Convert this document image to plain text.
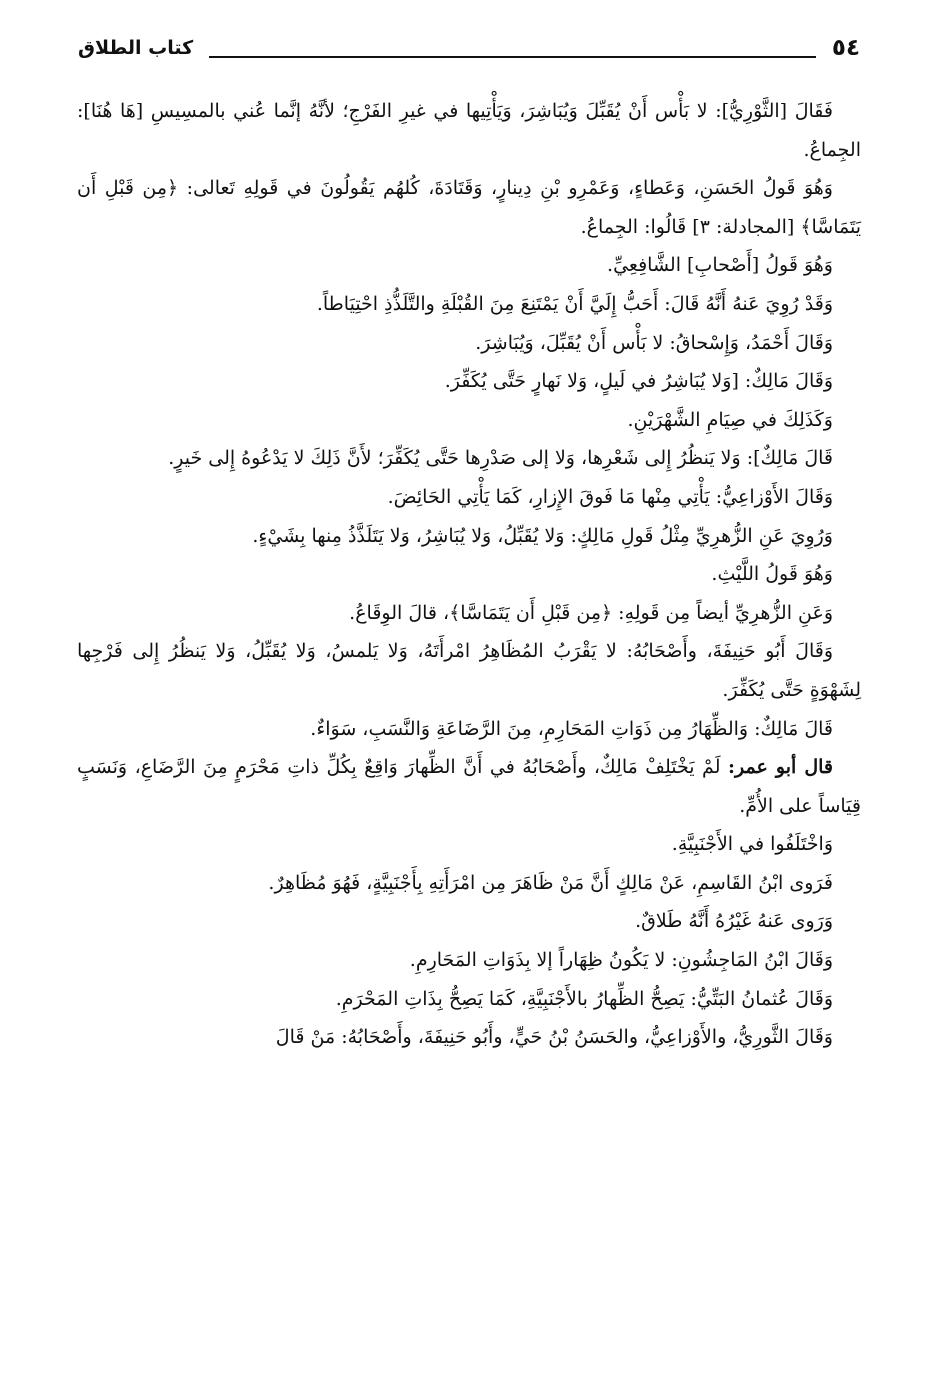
٥٤
كتاب الطلاق

فَقَالَ [الثَّوْرِيُّ]: لا بَأْس أَنْ يُقَبِّلَ وَيُبَاشِرَ، وَيَأْتِيها في غيرِ الفَرْجِ؛ لأنَّهُ إنَّما عُني بالمسِيسِ [هَا هُنَا]: الجِماعُ.

وَهُوَ قَولُ الحَسَنِ، وَعَطاءٍ، وَعَمْرِو بْنِ دِينارٍ، وَقَتَادَةَ، كُلهُم يَقُولُونَ في قَولِهِ تَعالى: ﴿مِن قَبْلِ أَن يَتَمَاسَّا﴾ [المجادلة: ٣] قَالُوا: الجِماعُ.

وَهُوَ قَولُ [أَصْحابِ] الشَّافِعِيِّ.

وَقَدْ رُوِيَ عَنهُ أَنَّهُ قَالَ: أَحَبُّ إِلَيَّ أَنْ يَمْتَنِعَ مِنَ القُبْلَةِ والتَّلَذُّذِ احْتِيَاطاً.

وَقَالَ أَحْمَدُ، وَإِسْحاقُ: لا بَأْس أَنْ يُقَبِّلَ، وَيُبَاشِرَ.

وَقَالَ مَالِكٌ: [وَلا يُبَاشِرُ في لَيلٍ، وَلا نَهارٍ حَتَّى يُكَفِّرَ.

وَكَذَلِكَ في صِيَامِ الشَّهْرَيْنِ.

قَالَ مَالِكٌ]: وَلا يَنظُرُ إِلى شَعْرِها، وَلا إلى صَدْرِها حَتَّى يُكَفِّرَ؛ لأَنَّ ذَلِكَ لا يَدْعُوهُ إِلى خَيرٍ.

وَقَالَ الأَوْزاعِيُّ: يَأْتِي مِنْها مَا فَوقَ الإِزارِ، كَمَا يَأْتِي الحَائِضَ.

وَرُوِيَ عَنِ الزُّهرِيِّ مِثْلُ قَولِ مَالِكٍ: وَلا يُقَبِّلُ، وَلا يُبَاشِرُ، وَلا يَتَلَذَّذُ مِنها بِشَيْءٍ.

وَهُوَ قَولُ اللَّيْثِ.

وَعَنِ الزُّهرِيِّ أيضاً مِن قَولِهِ: ﴿مِن قَبْلِ أَن يَتَمَاسَّا﴾، قالَ الوِقَاعُ.

وَقَالَ أَبُو حَنِيفَةَ، وأَصْحَابُهُ: لا يَقْرَبُ المُظَاهِرُ امْرأَتَهُ، وَلا يَلمسُ، وَلا يُقَبِّلُ، وَلا يَنظُرُ إِلى فَرْجِها لِشَهْوَةٍ حَتَّى يُكَفِّرَ.

قَالَ مَالِكٌ: وَالظِّهَارُ مِن ذَوَاتِ المَحَارِمِ، مِنَ الرَّضَاعَةِ وَالنَّسَبِ، سَوَاءٌ.

قال أبو عمر: لَمْ يَخْتَلِفْ مَالِكٌ، وأَصْحَابُهُ في أَنَّ الظِّهارَ وَاقِعٌ بِكُلِّ ذاتِ مَحْرَمٍ مِنَ الرَّضَاعِ، وَنَسَبٍ قِيَاساً على الأُمِّ.

وَاخْتَلَفُوا في الأَجْنَبِيَّةِ.

فَرَوى ابْنُ القَاسِمِ، عَنْ مَالِكٍ أَنَّ مَنْ ظَاهَرَ مِن امْرَأَتِهِ بِأَجْنَبِيَّةٍ، فَهُوَ مُظَاهِرٌ.

وَرَوى عَنهُ غَيْرُهُ أَنَّهُ طَلاقٌ.

وَقَالَ ابْنُ المَاجِشُونِ: لا يَكُونُ ظِهَاراً إلا بِذَوَاتِ المَحَارِمِ.

وَقَالَ عُثمانُ البَتِّيُّ: يَصِحُّ الظِّهارُ بالأَجْنَبِيَّةِ، كَمَا يَصِحُّ بِذَاتِ المَحْرَمِ.

وَقَالَ الثَّورِيُّ، والأَوْزاعِيُّ، والحَسَنُ بْنُ حَيٍّ، وأَبُو حَنِيفَةَ، وأَصْحَابُهُ: مَنْ قَالَ
